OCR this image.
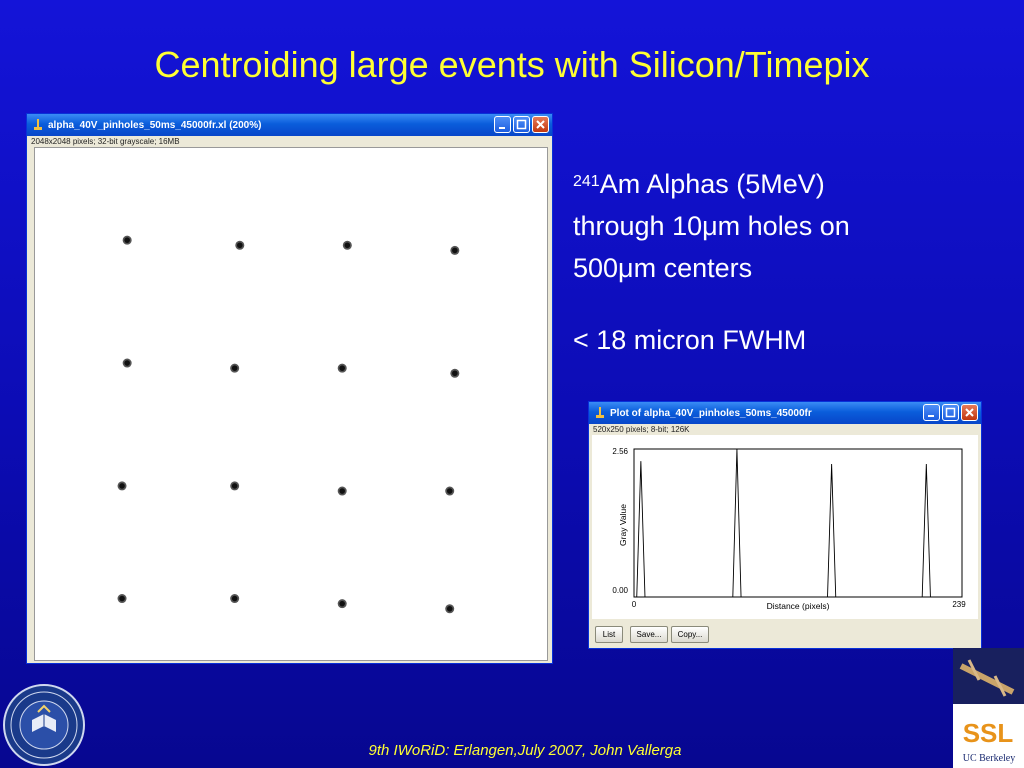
Centroiding large events with Silicon/Timepix
alpha_40V_pinholes_50ms_45000fr.xl (200%)
2048x2048 pixels; 32-bit grayscale; 16MB
$^{241}$Am Alphas (5MeV)
through 10μm holes on
500μm centers
< 18 micron FWHM
Plot of alpha_40V_pinholes_50ms_45000fr
520x250 pixels; 8-bit; 126K
2.56
0.00
0	239
Distance (pixels)
Gray Value
List	Save...	Copy...
SSL
UC Berkeley
9th IWoRiD: Erlangen,July 2007, John Vallerga
